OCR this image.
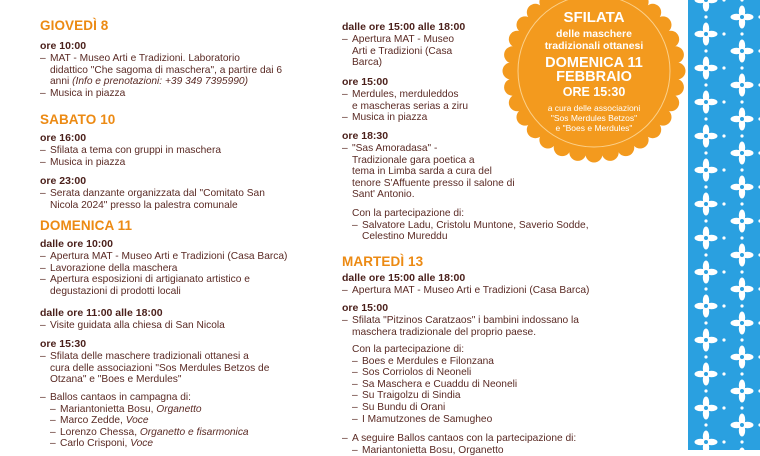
GIOVEDÌ 8
ore 10:00
– MAT - Museo Arti e Tradizioni. Laboratorio
didattico "Che sagoma di maschera", a partire dai 6
anni (Info e prenotazioni: +39 349 7395990)
– Musica in piazza
SABATO 10
ore 16:00
– Sfilata a tema con gruppi in maschera
– Musica in piazza
ore 23:00
– Serata danzante organizzata dal "Comitato San
Nicola 2024" presso la palestra comunale
DOMENICA 11
dalle ore 10:00
– Apertura MAT - Museo Arti e Tradizioni (Casa Barca)
– Lavorazione della maschera
– Apertura esposizioni di artigianato artistico e
degustazioni di prodotti locali
dalle ore 11:00 alle 18:00
– Visite guidata alla chiesa di San Nicola
ore 15:30
– Sfilata delle maschere tradizionali ottanesi a
cura delle associazioni "Sos Merdules Betzos de
Otzana" e "Boes e Merdules"
– Ballos cantaos in campagna di:
– Mariantonietta Bosu, Organetto
– Marco Zedde, Voce
– Lorenzo Chessa, Organetto e fisarmonica
– Carlo Crisponi, Voce
dalle ore 15:00 alle 18:00
– Apertura MAT - Museo
Arti e Tradizioni (Casa
Barca)
ore 15:00
– Merdules, merduleddos
e mascheras serias a ziru
– Musica in piazza
ore 18:30
– "Sas Amoradasa" -
Tradizionale gara poetica a
tema in Limba sarda a cura del
tenore S'Affuente presso il salone di
Sant' Antonio.
Con la partecipazione di:
– Salvatore Ladu, Cristolu Muntone, Saverio Sodde,
Celestino Mureddu
MARTEDÌ 13
dalle ore 15:00 alle 18:00
– Apertura MAT - Museo Arti e Tradizioni (Casa Barca)
ore 15:00
– Sfilata "Pitzinos Caratzaos" i bambini indossano la
maschera tradizionale del proprio paese.
Con la partecipazione di:
– Boes e Merdules e Filonzana
– Sos Corriolos di Neoneli
– Sa Maschera e Cuaddu di Neoneli
– Su Traigolzu di Sindia
– Su Bundu di Orani
– I Mamutzones de Samugheo
– A seguire Ballos cantaos con la partecipazione di:
– Mariantonietta Bosu, Organetto
SFILATA
delle maschere
tradizionali ottanesi
DOMENICA 11
FEBBRAIO
ORE 15:30
a cura delle associazioni
"Sos Merdules Betzos"
e "Boes e Merdules"
